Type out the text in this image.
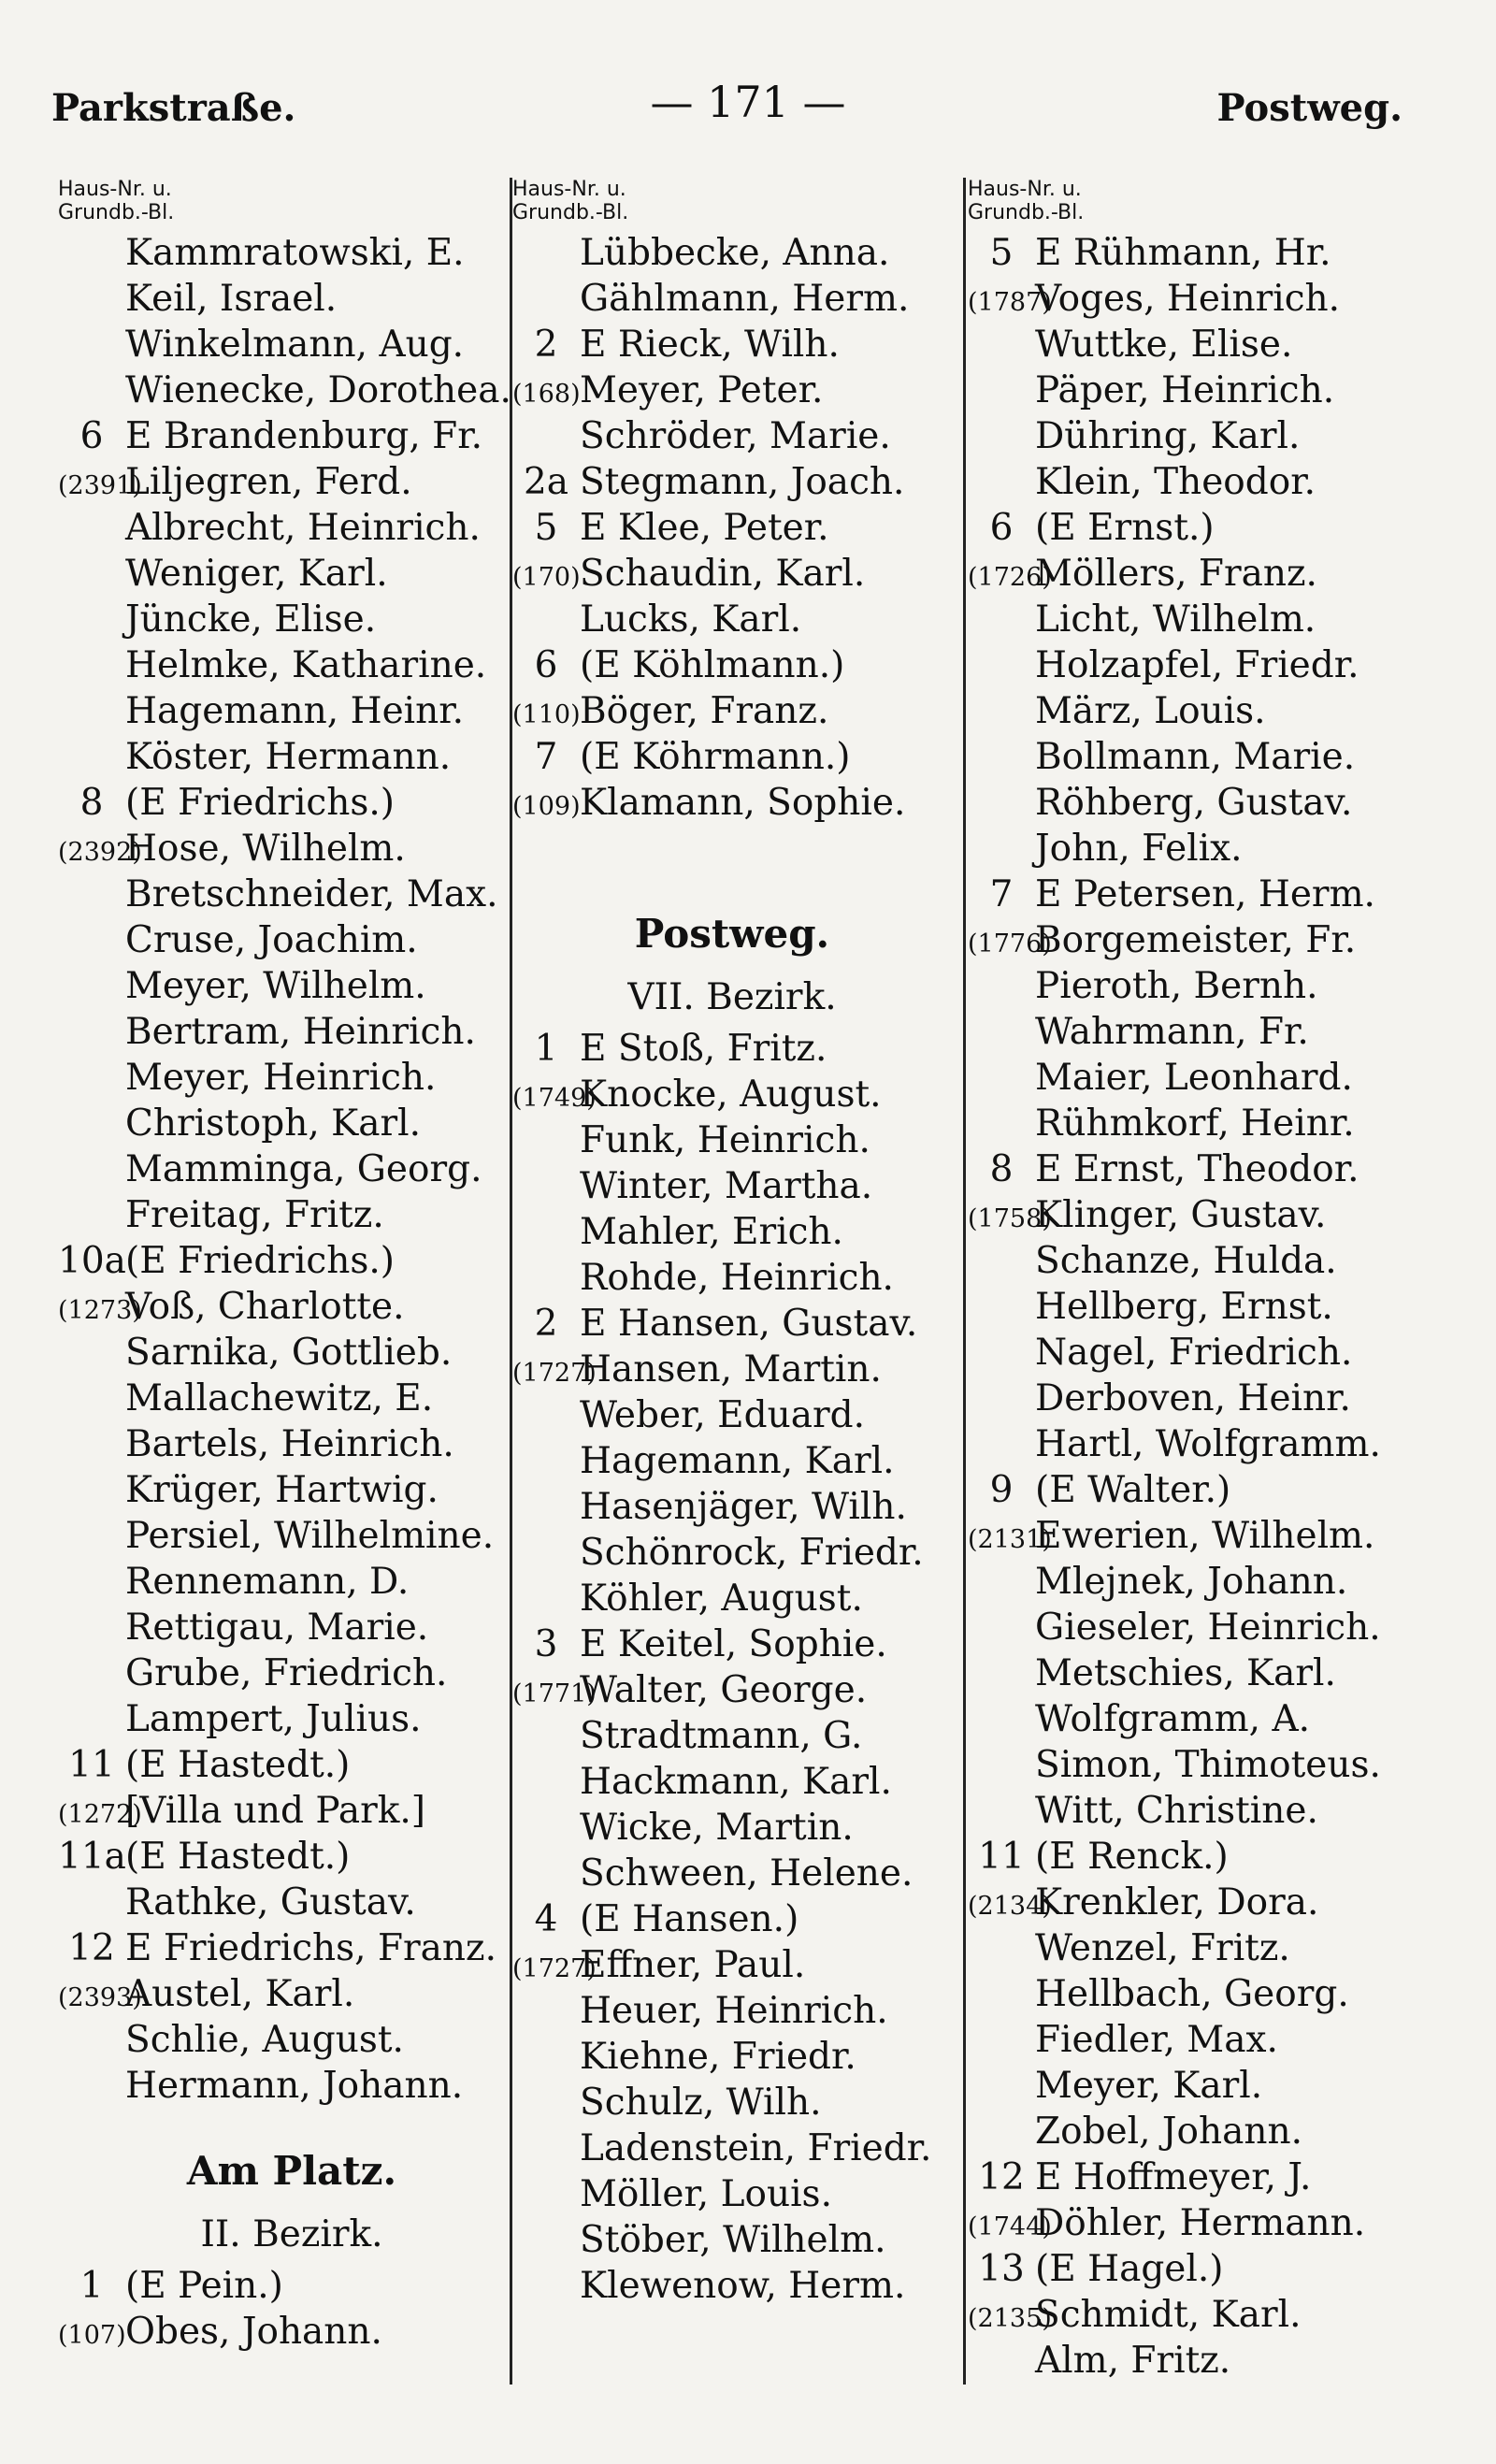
Parkstraße.	— 171 —	Postweg.
Haus-Nr. u.
Grundb.-Bl.
Kammratowski, E.
Keil, Israel.
Winkelmann, Aug.
Wienecke, Dorothea.
6 E Brandenburg, Fr.
(2391)
Liljegren, Ferd.
Albrecht, Heinrich.
Weniger, Karl.
Jüncke, Elise.
Helmke, Katharine.
Hagemann, Heinr.
Köster, Hermann.
8 (E Friedrichs.)
(2392)
Hose, Wilhelm.
Bretschneider, Max.
Cruse, Joachim.
Meyer, Wilhelm.
Bertram, Heinrich.
Meyer, Heinrich.
Christoph, Karl.
Mamminga, Georg.
Freitag, Fritz.
10a (E Friedrichs.)
(1273)
Voß, Charlotte.
Sarnika, Gottlieb.
Mallachewitz, E.
Bartels, Heinrich.
Krüger, Hartwig.
Persiel, Wilhelmine.
Rennemann, D.
Rettigau, Marie.
Grube, Friedrich.
Lampert, Julius.
11 (E Hastedt.)
(1272)
[Villa und Park.]
11a (E Hastedt.)
Rathke, Gustav.
12 E Friedrichs, Franz.
(2393)
Austel, Karl.
Schlie, August.
Hermann, Johann.
Am Platz.
II. Bezirk.
1 (E Pein.)
(107) Obes, Johann.
Haus-Nr. u.
Grundb.-Bl.
Lübbecke, Anna.
Gählmann, Herm.
2 E Rieck, Wilh.
(168) Meyer, Peter.
Schröder, Marie.
2a Stegmann, Joach.
5 E Klee, Peter.
(170) Schaudin, Karl.
Lucks, Karl.
6 (E Köhlmann.)
(110) Böger, Franz.
7 (E Köhrmann.)
(109) Klamann, Sophie.
Postweg.
VII. Bezirk.
1 E Stoß, Fritz.
(1749)
Knocke, August.
Funk, Heinrich.
Winter, Martha.
Mahler, Erich.
Rohde, Heinrich.
2 E Hansen, Gustav.
(1727)
Hansen, Martin.
Weber, Eduard.
Hagemann, Karl.
Hasenjäger, Wilh.
Schönrock, Friedr.
Köhler, August.
3 E Keitel, Sophie.
(1771)
Walter, George.
Stradtmann, G.
Hackmann, Karl.
Wicke, Martin.
Schween, Helene.
4 (E Hansen.)
(1727)
Effner, Paul.
Heuer, Heinrich.
Kiehne, Friedr.
Schulz, Wilh.
Ladenstein, Friedr.
Möller, Louis.
Stöber, Wilhelm.
Klewenow, Herm.
Haus-Nr. u.
Grundb.-Bl.
5 E Rühmann, Hr.
(1787)
Voges, Heinrich.
Wuttke, Elise.
Päper, Heinrich.
Dühring, Karl.
Klein, Theodor.
6 (E Ernst.)
(1726)
Möllers, Franz.
Licht, Wilhelm.
Holzapfel, Friedr.
März, Louis.
Bollmann, Marie.
Röhberg, Gustav.
John, Felix.
7 E Petersen, Herm.
(1776)
Borgemeister, Fr.
Pieroth, Bernh.
Wahrmann, Fr.
Maier, Leonhard.
Rühmkorf, Heinr.
8 E Ernst, Theodor.
(1758)
Klinger, Gustav.
Schanze, Hulda.
Hellberg, Ernst.
Nagel, Friedrich.
Derboven, Heinr.
Hartl, Wolfgramm.
9 (E Walter.)
(2131)
Ewerien, Wilhelm.
Mlejnek, Johann.
Gieseler, Heinrich.
Metschies, Karl.
Wolfgramm, A.
Simon, Thimoteus.
Witt, Christine.
11 (E Renck.)
(2134)
Krenkler, Dora.
Wenzel, Fritz.
Hellbach, Georg.
Fiedler, Max.
Meyer, Karl.
Zobel, Johann.
12 E Hoffmeyer, J.
(1744)
Döhler, Hermann.
13 (E Hagel.)
(2135)
Schmidt, Karl.
Alm, Fritz.
